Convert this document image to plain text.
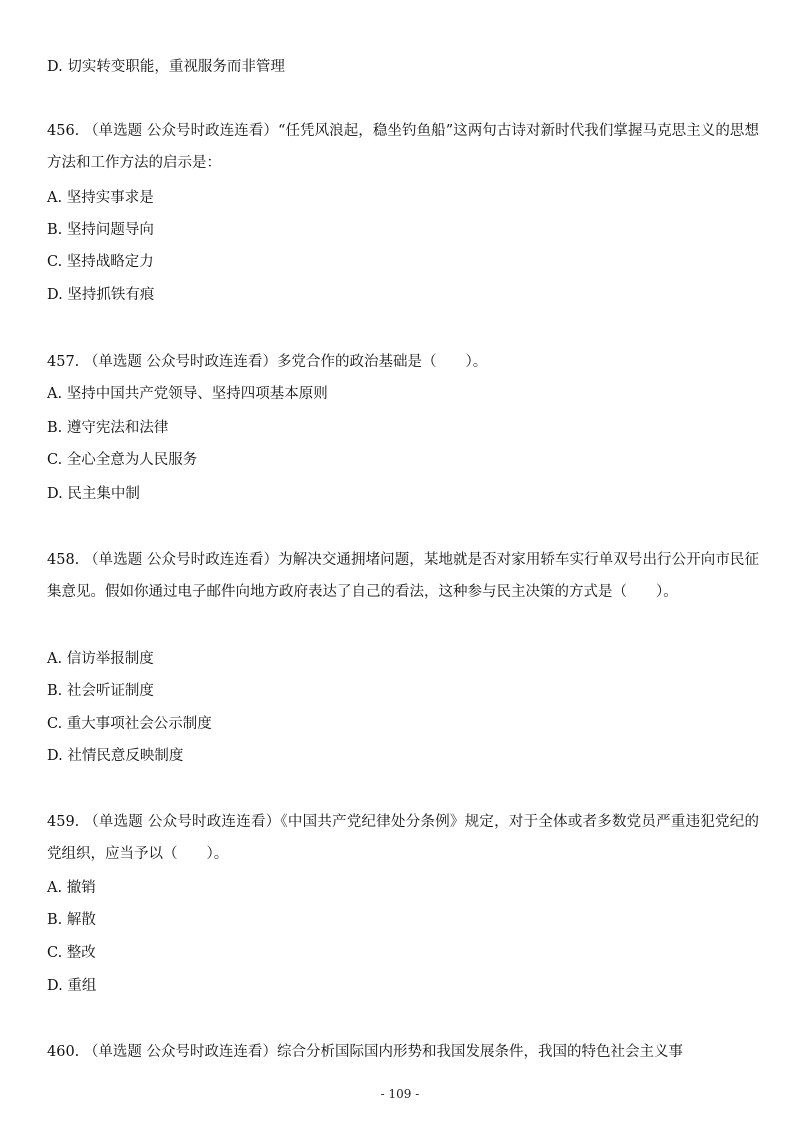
D. 切实转变职能，重视服务而非管理
456. （单选题 公众号时政连连看）“任凭风浪起，稳坐钓鱼船”这两句古诗对新时代我们掌握马克思主义的思想方法和工作方法的启示是：
A. 坚持实事求是
B. 坚持问题导向
C. 坚持战略定力
D. 坚持抓铁有痕
457. （单选题 公众号时政连连看）多党合作的政治基础是（　　）。
A. 坚持中国共产党领导、坚持四项基本原则
B. 遵守宪法和法律
C. 全心全意为人民服务
D. 民主集中制
458. （单选题 公众号时政连连看）为解决交通拥堵问题，某地就是否对家用轿车实行单双号出行公开向市民征集意见。假如你通过电子邮件向地方政府表达了自己的看法，这种参与民主决策的方式是（　　）。
A. 信访举报制度
B. 社会听证制度
C. 重大事项社会公示制度
D. 社情民意反映制度
459. （单选题 公众号时政连连看）《中国共产党纪律处分条例》规定，对于全体或者多数党员严重违犯党纪的党组织，应当予以（　　）。
A. 撤销
B. 解散
C. 整改
D. 重组
460. （单选题 公众号时政连连看）综合分析国际国内形势和我国发展条件，我国的特色社会主义事
- 109 -
